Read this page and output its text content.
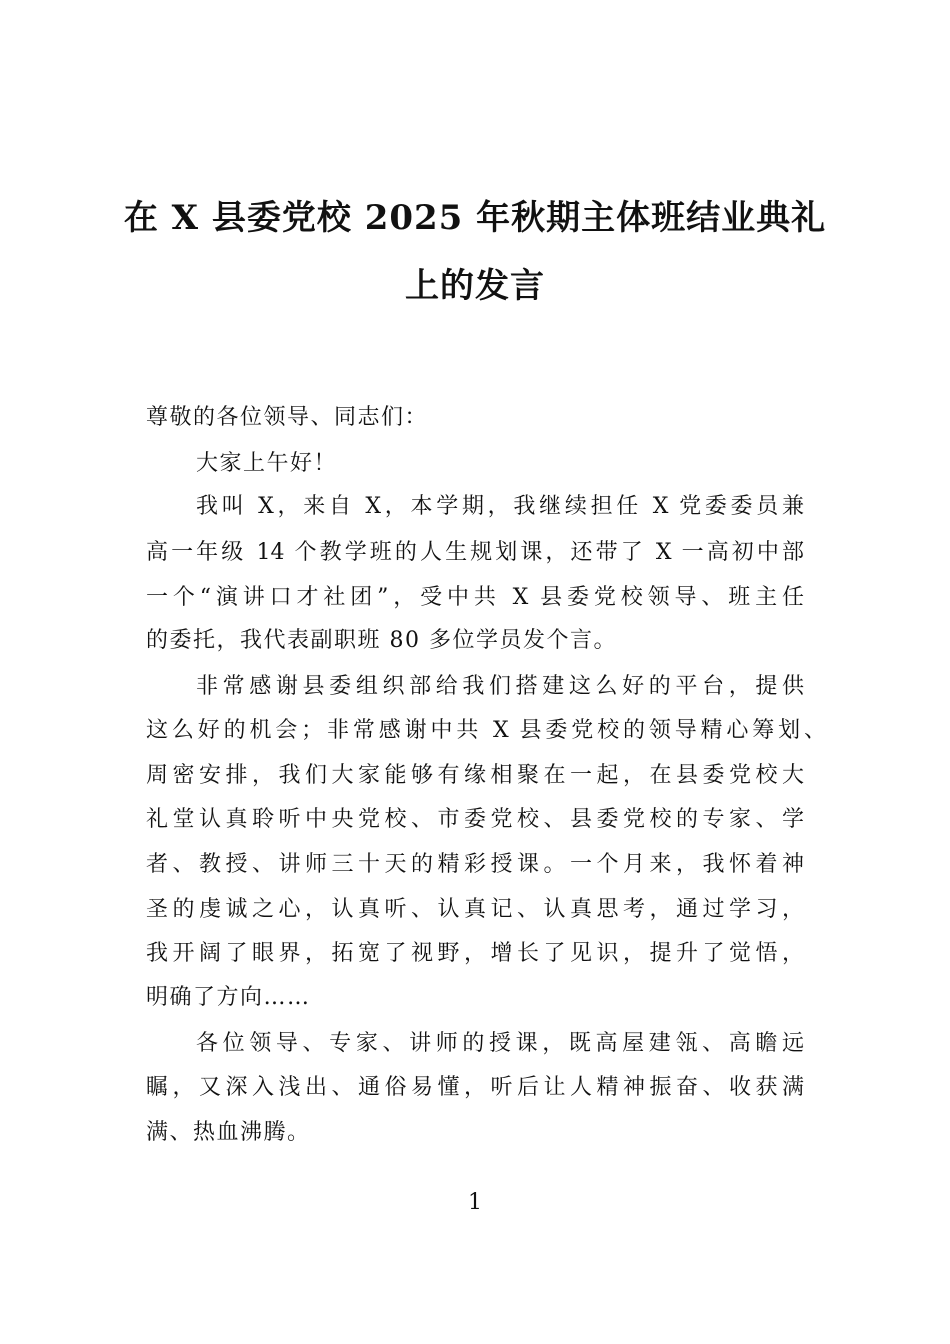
在 X 县委党校 2025 年秋期主体班结业典礼
上的发言
尊敬的各位领导、同志们：
大家上午好！
我叫 X，来自 X，本学期，我继续担任 X 党委委员兼
高一年级 14 个教学班的人生规划课，还带了 X 一高初中部
一个“演讲口才社团”，受中共 X 县委党校领导、班主任
的委托，我代表副职班 80 多位学员发个言。
非常感谢县委组织部给我们搭建这么好的平台，提供
这么好的机会；非常感谢中共 X 县委党校的领导精心筹划、
周密安排，我们大家能够有缘相聚在一起，在县委党校大
礼堂认真聆听中央党校、市委党校、县委党校的专家、学
者、教授、讲师三十天的精彩授课。一个月来，我怀着神
圣的虔诚之心，认真听、认真记、认真思考，通过学习，
我开阔了眼界，拓宽了视野，增长了见识，提升了觉悟，
明确了方向……
各位领导、专家、讲师的授课，既高屋建瓴、高瞻远
瞩，又深入浅出、通俗易懂，听后让人精神振奋、收获满
满、热血沸腾。
1
